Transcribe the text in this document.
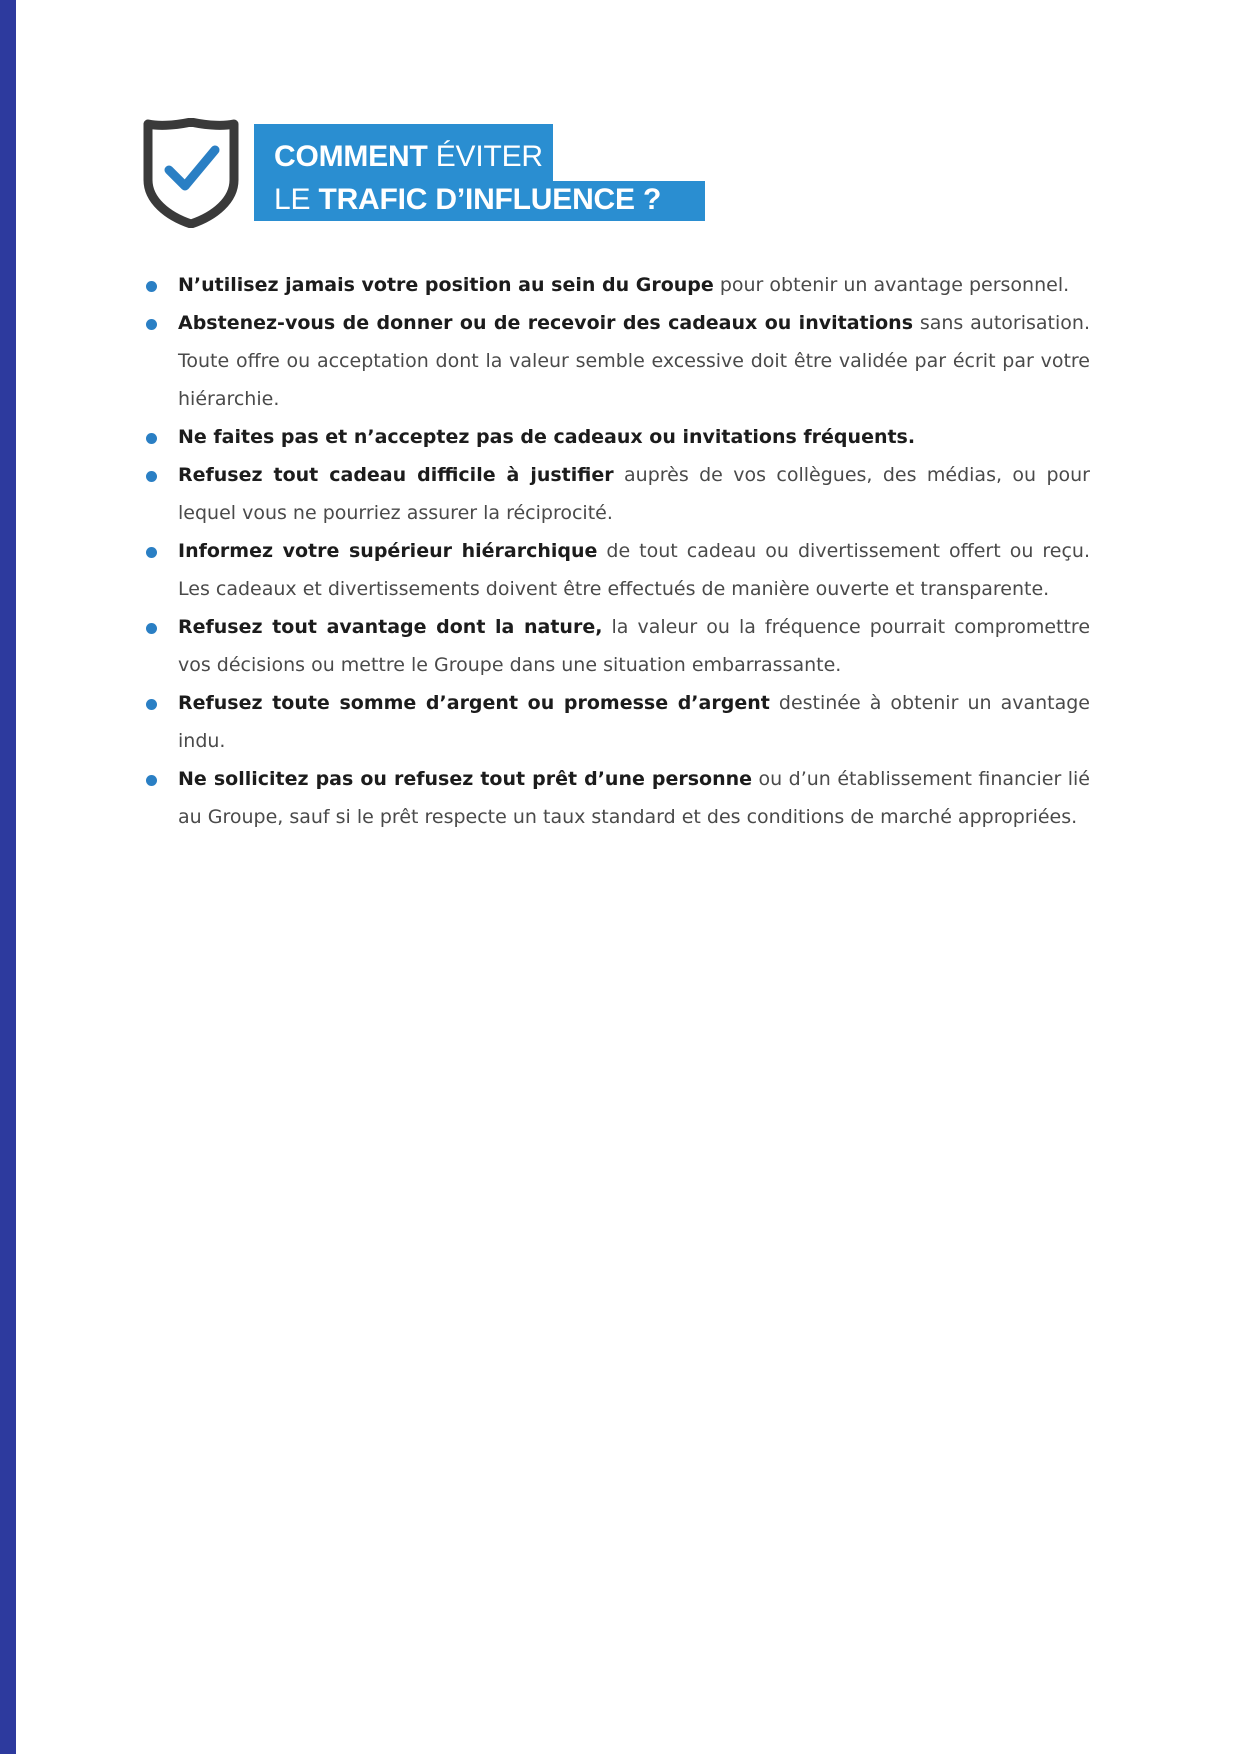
COMMENT ÉVITER
LE TRAFIC D’INFLUENCE ?
N’utilisez jamais votre position au sein du Groupe pour obtenir un avantage personnel.
Abstenez-vous de donner ou de recevoir des cadeaux ou invitations sans autorisation. Toute offre ou acceptation dont la valeur semble excessive doit être validée par écrit par votre hiérarchie.
Ne faites pas et n’acceptez pas de cadeaux ou invitations fréquents.
Refusez tout cadeau difficile à justifier auprès de vos collègues, des médias, ou pour lequel vous ne pourriez assurer la réciprocité.
Informez votre supérieur hiérarchique de tout cadeau ou divertissement offert ou reçu. Les cadeaux et divertissements doivent être effectués de manière ouverte et transparente.
Refusez tout avantage dont la nature, la valeur ou la fréquence pourrait compromettre vos décisions ou mettre le Groupe dans une situation embarrassante.
Refusez toute somme d’argent ou promesse d’argent destinée à obtenir un avantage indu.
Ne sollicitez pas ou refusez tout prêt d’une personne ou d’un établissement financier lié au Groupe, sauf si le prêt respecte un taux standard et des conditions de marché appropriées.
